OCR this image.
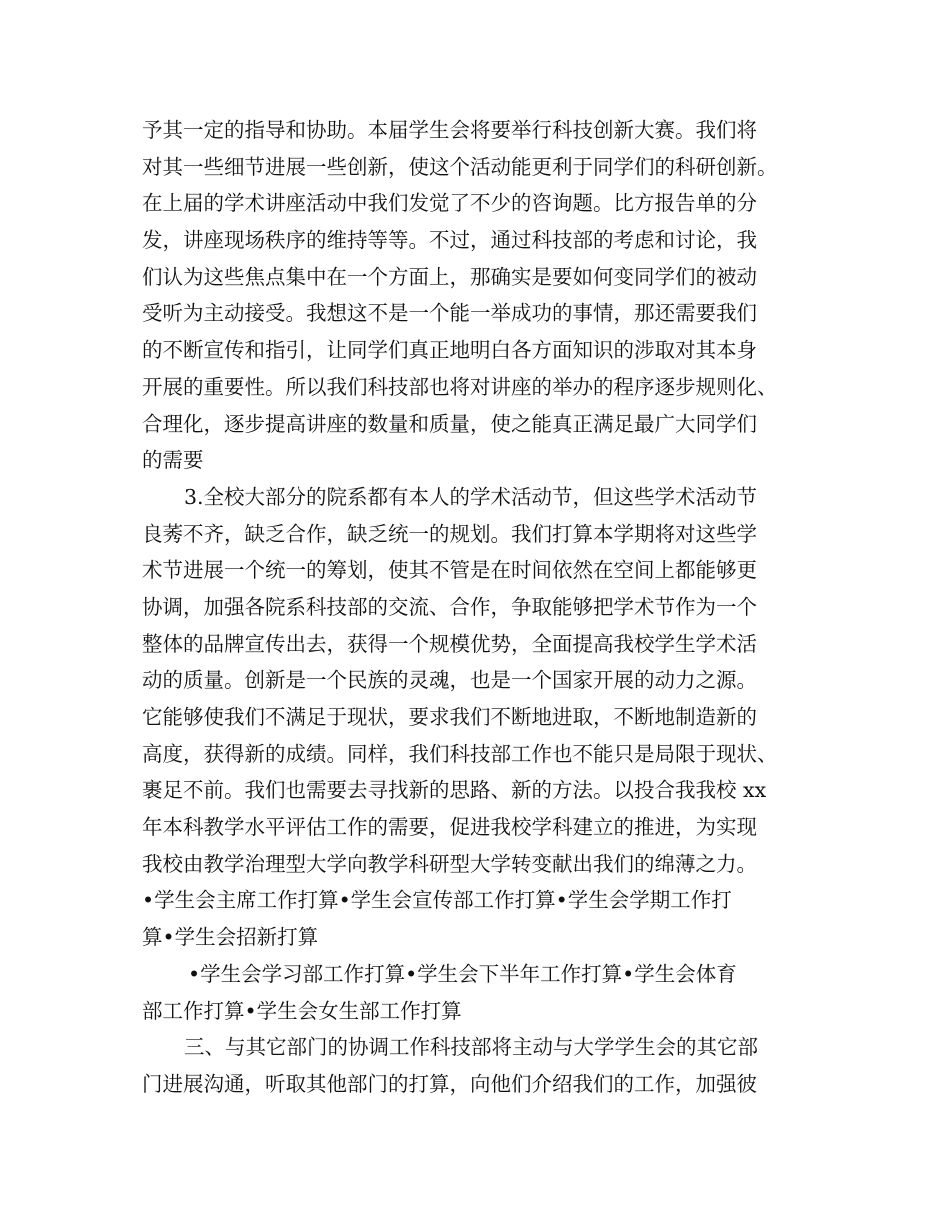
予其一定的指导和协助。本届学生会将要举行科技创新大赛。我们将
对其一些细节进展一些创新，使这个活动能更利于同学们的科研创新。
在上届的学术讲座活动中我们发觉了不少的咨询题。比方报告单的分
发，讲座现场秩序的维持等等。不过，通过科技部的考虑和讨论，我
们认为这些焦点集中在一个方面上，那确实是要如何变同学们的被动
受听为主动接受。我想这不是一个能一举成功的事情，那还需要我们
的不断宣传和指引，让同学们真正地明白各方面知识的涉取对其本身
开展的重要性。所以我们科技部也将对讲座的举办的程序逐步规则化、
合理化，逐步提高讲座的数量和质量，使之能真正满足最广大同学们
的需要
3.全校大部分的院系都有本人的学术活动节，但这些学术活动节
良莠不齐，缺乏合作，缺乏统一的规划。我们打算本学期将对这些学
术节进展一个统一的筹划，使其不管是在时间依然在空间上都能够更
协调，加强各院系科技部的交流、合作，争取能够把学术节作为一个
整体的品牌宣传出去，获得一个规模优势，全面提高我校学生学术活
动的质量。创新是一个民族的灵魂，也是一个国家开展的动力之源。
它能够使我们不满足于现状，要求我们不断地进取，不断地制造新的
高度，获得新的成绩。同样，我们科技部工作也不能只是局限于现状、
裹足不前。我们也需要去寻找新的思路、新的方法。以投合我我校 xx
年本科教学水平评估工作的需要，促进我校学科建立的推进，为实现
我校由教学治理型大学向教学科研型大学转变献出我们的绵薄之力。
•学生会主席工作打算•学生会宣传部工作打算•学生会学期工作打
算•学生会招新打算
•学生会学习部工作打算•学生会下半年工作打算•学生会体育
部工作打算•学生会女生部工作打算
三、与其它部门的协调工作科技部将主动与大学学生会的其它部
门进展沟通，听取其他部门的打算，向他们介绍我们的工作，加强彼
